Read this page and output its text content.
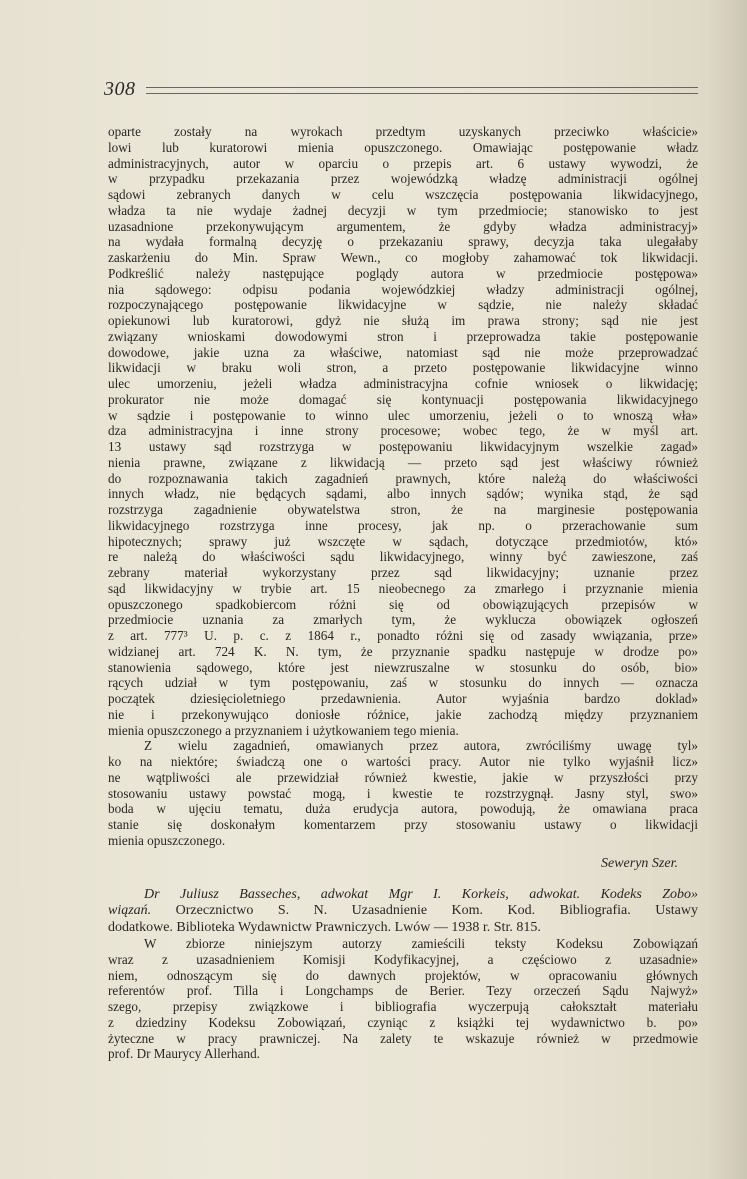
308
oparte zostały na wyrokach przedtym uzyskanych przeciwko właścicie»
lowi lub kuratorowi mienia opuszczonego. Omawiając postępowanie władz
administracyjnych, autor w oparciu o przepis art. 6 ustawy wywodzi, że
w przypadku przekazania przez wojewódzką władzę administracji ogólnej
sądowi zebranych danych w celu wszczęcia postępowania likwidacyjnego,
władza ta nie wydaje żadnej decyzji w tym przedmiocie; stanowisko to jest
uzasadnione przekonywującym argumentem, że gdyby władza administracyj»
na wydała formalną decyzję o przekazaniu sprawy, decyzja taka ulegałaby
zaskarżeniu do Min. Spraw Wewn., co mogłoby zahamować tok likwidacji.
Podkreślić należy następujące poglądy autora w przedmiocie postępowa»
nia sądowego: odpisu podania wojewódzkiej władzy administracji ogólnej,
rozpoczynającego postępowanie likwidacyjne w sądzie, nie należy składać
opiekunowi lub kuratorowi, gdyż nie służą im prawa strony; sąd nie jest
związany wnioskami dowodowymi stron i przeprowadza takie postępowanie
dowodowe, jakie uzna za właściwe, natomiast sąd nie może przeprowadzać
likwidacji w braku woli stron, a przeto postępowanie likwidacyjne winno
ulec umorzeniu, jeżeli władza administracyjna cofnie wniosek o likwidację;
prokurator nie może domagać się kontynuacji postępowania likwidacyjnego
w sądzie i postępowanie to winno ulec umorzeniu, jeżeli o to wnoszą wła»
dza administracyjna i inne strony procesowe; wobec tego, że w myśl art.
13 ustawy sąd rozstrzyga w postępowaniu likwidacyjnym wszelkie zagad»
nienia prawne, związane z likwidacją — przeto sąd jest właściwy również
do rozpoznawania takich zagadnień prawnych, które należą do właściwości
innych władz, nie będących sądami, albo innych sądów; wynika stąd, że sąd
rozstrzyga zagadnienie obywatelstwa stron, że na marginesie postępowania
likwidacyjnego rozstrzyga inne procesy, jak np. o przerachowanie sum
hipotecznych; sprawy już wszczęte w sądach, dotyczące przedmiotów, któ»
re należą do właściwości sądu likwidacyjnego, winny być zawieszone, zaś
zebrany materiał wykorzystany przez sąd likwidacyjny; uznanie przez
sąd likwidacyjny w trybie art. 15 nieobecnego za zmarłego i przyznanie mienia
opuszczonego spadkobiercom różni się od obowiązujących przepisów w
przedmiocie uznania za zmarłych tym, że wyklucza obowiązek ogłoszeń
z art. 777³ U. p. c. z 1864 r., ponadto różni się od zasady wwiązania, prze»
widzianej art. 724 K. N. tym, że przyznanie spadku następuje w drodze po»
stanowienia sądowego, które jest niewzruszalne w stosunku do osób, bio»
rących udział w tym postępowaniu, zaś w stosunku do innych — oznacza
początek dziesięcioletniego przedawnienia. Autor wyjaśnia bardzo doklad»
nie i przekonywująco doniosłe różnice, jakie zachodzą między przyznaniem
mienia opuszczonego a przyznaniem i użytkowaniem tego mienia.
Z wielu zagadnień, omawianych przez autora, zwróciliśmy uwagę tyl»
ko na niektóre; świadczą one o wartości pracy. Autor nie tylko wyjaśnił licz»
ne wątpliwości ale przewidział również kwestie, jakie w przyszłości przy
stosowaniu ustawy powstać mogą, i kwestie te rozstrzygnął. Jasny styl, swo»
boda w ujęciu tematu, duża erudycja autora, powodują, że omawiana praca
stanie się doskonałym komentarzem przy stosowaniu ustawy o likwidacji
mienia opuszczonego.
Seweryn Szer.
Dr Juliusz Basseches, adwokat Mgr I. Korkeis, adwokat. Kodeks Zobo»
wiązań. Orzecznictwo S. N. Uzasadnienie Kom. Kod. Bibliografia. Ustawy
dodatkowe. Biblioteka Wydawnictw Prawniczych. Lwów — 1938 r. Str. 815.
W zbiorze niniejszym autorzy zamieścili teksty Kodeksu Zobowiązań
wraz z uzasadnieniem Komisji Kodyfikacyjnej, a częściowo z uzasadnie»
niem, odnoszącym się do dawnych projektów, w opracowaniu głównych
referentów prof. Tilla i Longchamps de Berier. Tezy orzeczeń Sądu Najwyż»
szego, przepisy związkowe i bibliografia wyczerpują całokształt materiału
z dziedziny Kodeksu Zobowiązań, czyniąc z książki tej wydawnictwo b. po»
żyteczne w pracy prawniczej. Na zalety te wskazuje również w przedmowie
prof. Dr Maurycy Allerhand.
